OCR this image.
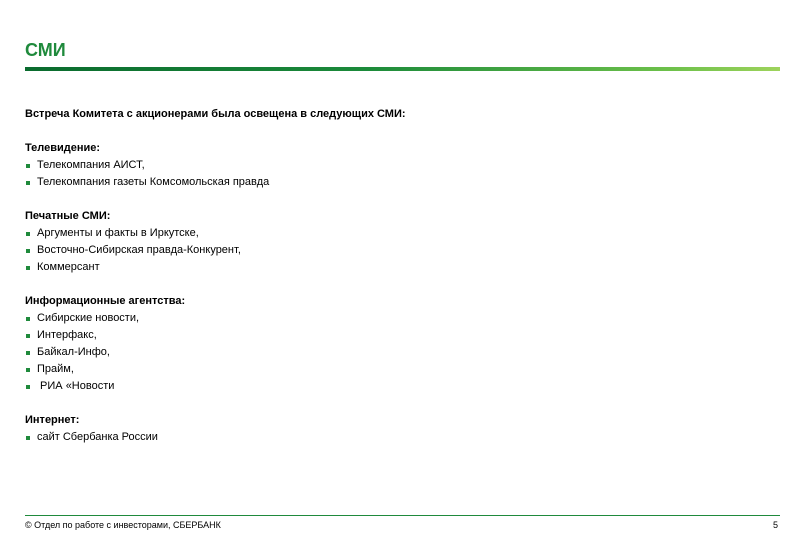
СМИ

Встреча Комитета с акционерами была освещена в следующих СМИ:

Телевидение:

Телекомпания АИСТ,
Телекомпания газеты Комсомольская правда

Печатные СМИ:

Аргументы и факты в Иркутске,
Восточно-Сибирская правда-Конкурент,
Коммерсант

Информационные агентства:

Сибирские новости,
Интерфакс,
Байкал-Инфо,
Прайм,
РИА «Новости

Интернет:

сайт Сбербанка России
© Отдел по работе с инвесторами, СБЕРБАНК	5
